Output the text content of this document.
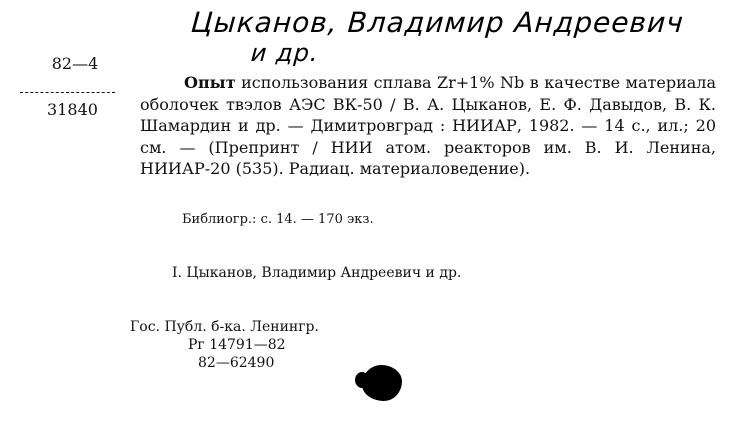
Цыканов, Владимир Андреевич
и др.
82—4
31840
Опыт использования сплава Zr+1% Nb в качестве материала оболочек твэлов АЭС ВК-50 / В. А. Цыканов, Е. Ф. Давыдов, В. К. Шамардин и др. — Димитровград : НИИАР, 1982. — 14 с., ил.; 20 см. — (Препринт / НИИ атом. реакторов им. В. И. Ленина, НИИАР-20 (535). Радиац. материаловедение).
Библиогр.: с. 14. — 170 экз.
I. Цыканов, Владимир Андреевич и др.
Гос. Публ. б-ка. Ленингр.
Рг 14791—82
82—62490
